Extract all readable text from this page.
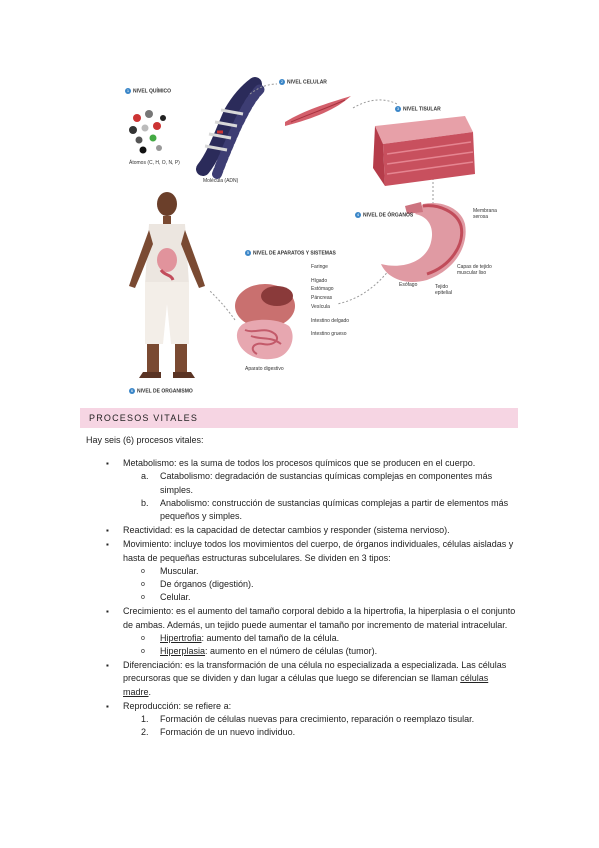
1 NIVEL QUÍMICO
2 NIVEL CELULAR
3 NIVEL TISULAR
4 NIVEL DE ÓRGANOS
5 NIVEL DE APARATOS Y SISTEMAS
6 NIVEL DE ORGANISMO
Átomos (C, H, O, N, P)
Molécula (ADN)
Membrana serosa
Capas de tejido muscular liso
Tejido epitelial
Esófago
Faringe
Hígado
Estómago
Páncreas
Vesícula
Intestino delgado
Intestino grueso
Aparato digestivo
PROCESOS VITALES

Hay seis (6) procesos vitales:

▪ Metabolismo: es la suma de todos los procesos químicos que se producen en el cuerpo.
a. Catabolismo: degradación de sustancias químicas complejas en componentes más simples.
b. Anabolismo: construcción de sustancias químicas complejas a partir de elementos más pequeños y simples.
▪ Reactividad: es la capacidad de detectar cambios y responder (sistema nervioso).
▪ Movimiento: incluye todos los movimientos del cuerpo, de órganos individuales, células aisladas y hasta de pequeñas estructuras subcelulares. Se dividen en 3 tipos:
o Muscular.
o De órganos (digestión).
o Celular.
▪ Crecimiento: es el aumento del tamaño corporal debido a la hipertrofia, la hiperplasia o el conjunto de ambas. Además, un tejido puede aumentar el tamaño por incremento de material intracelular.
o Hipertrofia: aumento del tamaño de la célula.
o Hiperplasia: aumento en el número de células (tumor).
▪ Diferenciación: es la transformación de una célula no especializada a especializada. Las células precursoras que se dividen y dan lugar a células que luego se diferencian se llaman células madre.
▪ Reproducción: se refiere a:
1. Formación de células nuevas para crecimiento, reparación o reemplazo tisular.
2. Formación de un nuevo individuo.
